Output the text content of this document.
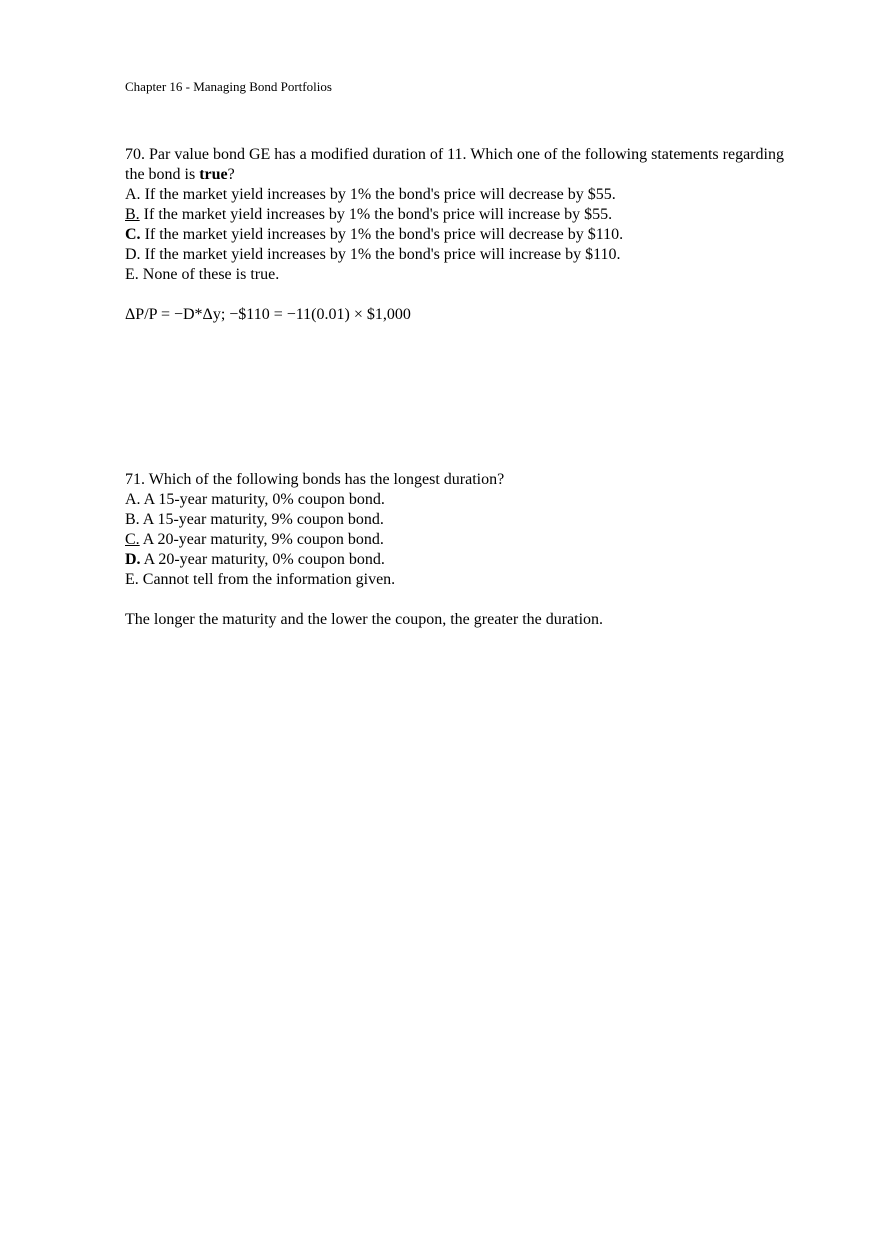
Chapter 16 - Managing Bond Portfolios

70. Par value bond GE has a modified duration of 11. Which one of the following statements regarding the bond is true?

A. If the market yield increases by 1% the bond's price will decrease by $55.
B. If the market yield increases by 1% the bond's price will increase by $55.
C. If the market yield increases by 1% the bond's price will decrease by $110.
D. If the market yield increases by 1% the bond's price will increase by $110.
E. None of these is true.
ΔP/P = −D*Δy; −$110 = −11(0.01) × $1,000

71. Which of the following bonds has the longest duration?

A. A 15-year maturity, 0% coupon bond.
B. A 15-year maturity, 9% coupon bond.
C. A 20-year maturity, 9% coupon bond.
D. A 20-year maturity, 0% coupon bond.
E. Cannot tell from the information given.
The longer the maturity and the lower the coupon, the greater the duration.
